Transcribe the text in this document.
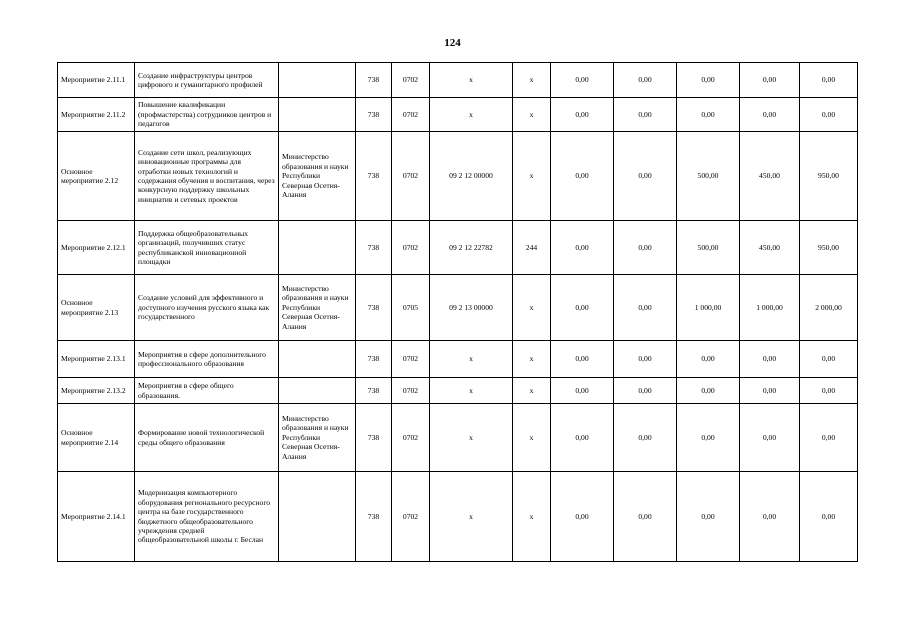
124
Мероприятие 2.11.1	Создание инфраструктуры центров цифрового и гуманитарного профилей		738	0702	х	х	0,00	0,00	0,00	0,00	0,00
Мероприятие 2.11.2	Повышение квалификации (профмастерства) сотрудников центров и педагогов		738	0702	х	х	0,00	0,00	0,00	0,00	0,00
Основное мероприятие 2.12	Создание сети школ, реализующих инновационные программы для отработки новых технологий и содержания обучения и воспитания, через конкурсную поддержку школьных инициатив и сетевых проектов	Министерство образования и науки Республики Северная Осетия-Алания	738	0702	09 2 12 00000	х	0,00	0,00	500,00	450,00	950,00
Мероприятие 2.12.1	Поддержка общеобразовательных организаций, получивших статус республиканской инновационной площадки		738	0702	09 2 12 22782	244	0,00	0,00	500,00	450,00	950,00
Основное мероприятие 2.13	Создание условий для эффективного и доступного изучения русского языка как государственного	Министерство образования и науки Республики Северная Осетия-Алания	738	0705	09 2 13 00000	х	0,00	0,00	1 000,00	1 000,00	2 000,00
Мероприятие 2.13.1	Мероприятия в сфере дополнительного профессионального образования		738	0702	х	х	0,00	0,00	0,00	0,00	0,00
Мероприятие 2.13.2	Мероприятия в сфере общего образования.		738	0702	х	х	0,00	0,00	0,00	0,00	0,00
Основное мероприятие 2.14	Формирование новой технологической среды общего образования	Министерство образования и науки Республики Северная Осетия-Алания	738	0702	х	х	0,00	0,00	0,00	0,00	0,00
Мероприятие 2.14.1	Модернизация компьютерного оборудования регионального ресурсного центра на базе государственного бюджетного общеобразовательного учреждения средней общеобразовательной школы г. Беслан		738	0702	х	х	0,00	0,00	0,00	0,00	0,00
